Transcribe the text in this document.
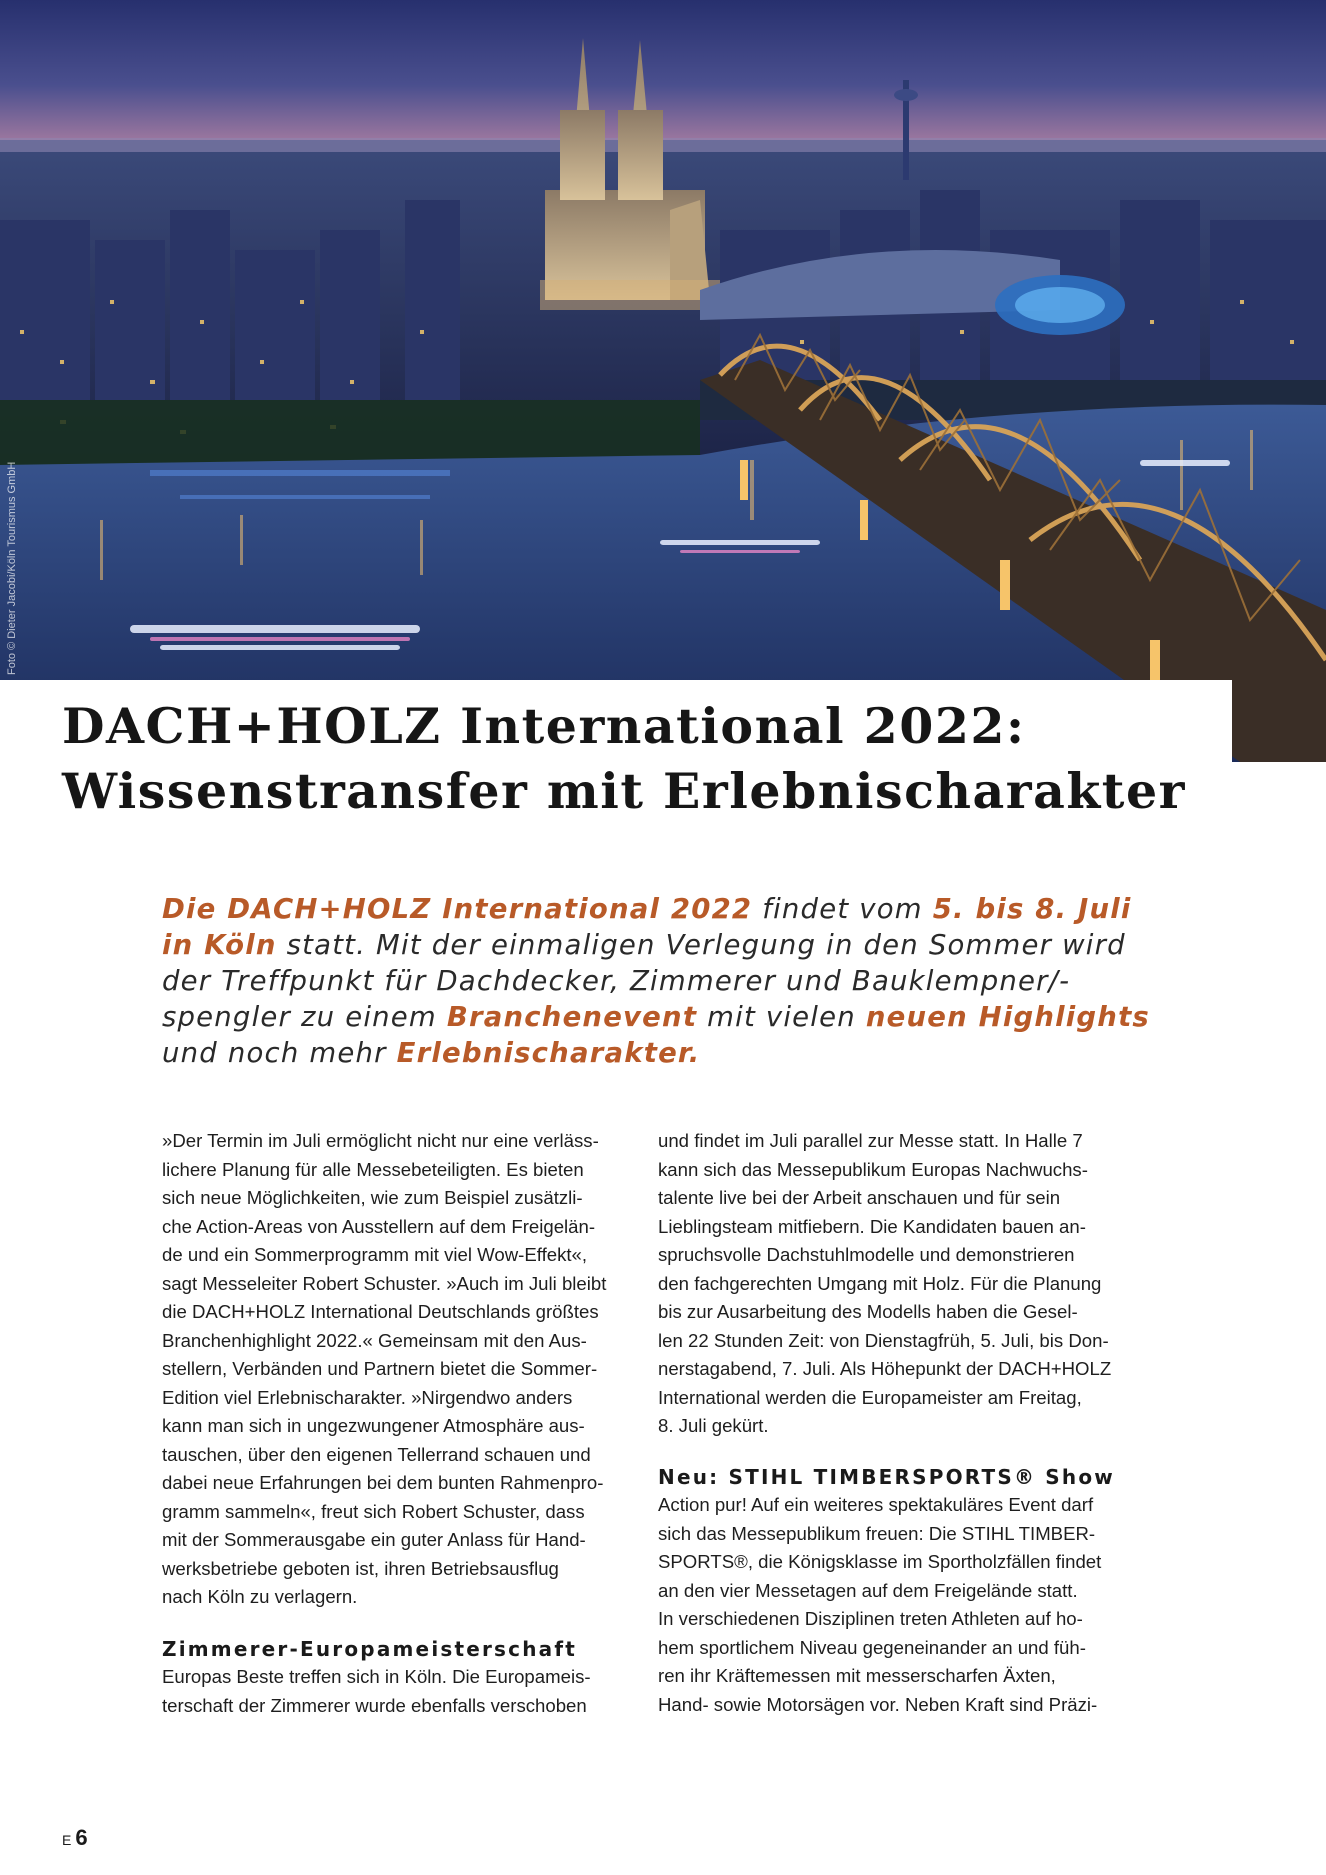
Foto © Dieter Jacobi/Köln Tourismus GmbH
DACH+HOLZ International 2022:
Wissenstransfer mit Erlebnischarakter

Die DACH+HOLZ International 2022 findet vom 5. bis 8. Juli in Köln statt. Mit der einmaligen Verlegung in den Sommer wird der Treffpunkt für Dachdecker, Zimmerer und Bauklempner/-spengler zu einem Branchenevent mit vielen neuen Highlights und noch mehr Erlebnischarakter.

»Der Termin im Juli ermöglicht nicht nur eine verläss-
lichere Planung für alle Messebeteiligten. Es bieten
sich neue Möglichkeiten, wie zum Beispiel zusätzli-
che Action-Areas von Ausstellern auf dem Freigelän-
de und ein Sommerprogramm mit viel Wow-Effekt«,
sagt Messeleiter Robert Schuster. »Auch im Juli bleibt
die DACH+HOLZ International Deutschlands größtes
Branchenhighlight 2022.« Gemeinsam mit den Aus-
stellern, Verbänden und Partnern bietet die Sommer-
Edition viel Erlebnischarakter. »Nirgendwo anders
kann man sich in ungezwungener Atmosphäre aus-
tauschen, über den eigenen Tellerrand schauen und
dabei neue Erfahrungen bei dem bunten Rahmenpro-
gramm sammeln«, freut sich Robert Schuster, dass
mit der Sommerausgabe ein guter Anlass für Hand-
werksbetriebe geboten ist, ihren Betriebsausflug
nach Köln zu verlagern.

Zimmerer-Europameisterschaft

Europas Beste treffen sich in Köln. Die Europameis-
terschaft der Zimmerer wurde ebenfalls verschoben

und findet im Juli parallel zur Messe statt. In Halle 7
kann sich das Messepublikum Europas Nachwuchs-
talente live bei der Arbeit anschauen und für sein
Lieblingsteam mitfiebern. Die Kandidaten bauen an-
spruchsvolle Dachstuhlmodelle und demonstrieren
den fachgerechten Umgang mit Holz. Für die Planung
bis zur Ausarbeitung des Modells haben die Gesel-
len 22 Stunden Zeit: von Dienstagfrüh, 5. Juli, bis Don-
nerstagabend, 7. Juli. Als Höhepunkt der DACH+HOLZ
International werden die Europameister am Freitag,
8. Juli gekürt.

Neu: STIHL TIMBERSPORTS® Show

Action pur! Auf ein weiteres spektakuläres Event darf
sich das Messepublikum freuen: Die STIHL TIMBER-
SPORTS®, die Königsklasse im Sportholzfällen findet
an den vier Messetagen auf dem Freigelände statt.
In verschiedenen Disziplinen treten Athleten auf ho-
hem sportlichem Niveau gegeneinander an und füh-
ren ihr Kräftemessen mit messerscharfen Äxten,
Hand- sowie Motorsägen vor. Neben Kraft sind Präzi-

E 6
